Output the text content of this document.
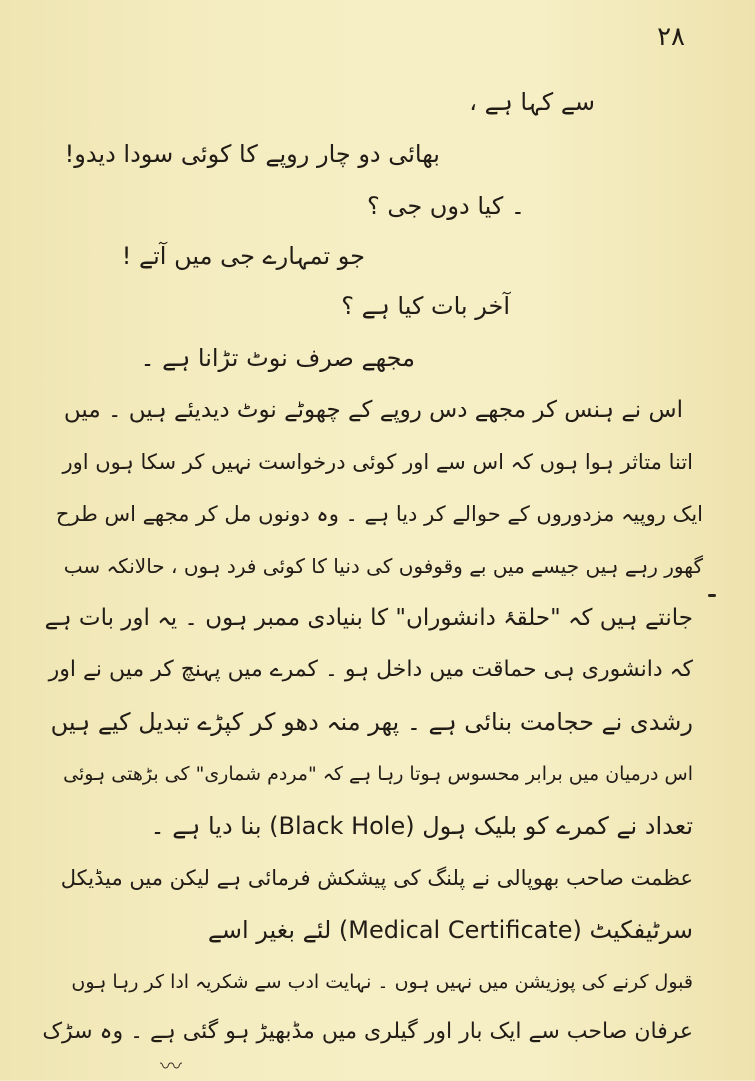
۲۸
سے کہا ہے ،
بھائی دو چار روپے کا کوئی سودا دیدو!
۔ کیا دوں جی ؟
جو تمہارے جی میں آتے !
آخر بات کیا ہے ؟
مجھے صرف نوٹ تڑانا ہے ۔
اس نے ہنس کر مجھے دس روپے کے چھوٹے نوٹ دیدیئے ہیں ۔ میں
اتنا متاثر ہوا ہوں کہ اس سے اور کوئی درخواست نہیں کر سکا ہوں اور
ایک روپیہ مزدوروں کے حوالے کر دیا ہے ۔ وہ دونوں مل کر مجھے اس طرح
گھور رہے ہیں جیسے میں بے وقوفوں کی دنیا کا کوئی فرد ہوں ، حالانکہ سب
جانتے ہیں کہ "حلقۂ دانشوراں" کا بنیادی ممبر ہوں ۔ یہ اور بات ہے
کہ دانشوری ہی حماقت میں داخل ہو ۔ کمرے میں پہنچ کر میں نے اور
رشدی نے حجامت بنائی ہے ۔ پھر منہ دھو کر کپڑے تبدیل کیے ہیں
اس درمیان میں برابر محسوس ہوتا رہا ہے کہ "مردم شماری" کی بڑھتی ہوئی
تعداد نے کمرے کو بلیک ہول (Black Hole) بنا دیا ہے ۔
عظمت صاحب بھوپالی نے پلنگ کی پیشکش فرمائی ہے لیکن میں میڈیکل
سرٹیفکیٹ (Medical Certificate) لئے بغیر اسے
قبول کرنے کی پوزیشن میں نہیں ہوں ۔ نہایت ادب سے شکریہ ادا کر رہا ہوں
عرفان صاحب سے ایک بار اور گیلری میں مڈبھیڑ ہو گئی ہے ۔ وہ سڑک
〰
